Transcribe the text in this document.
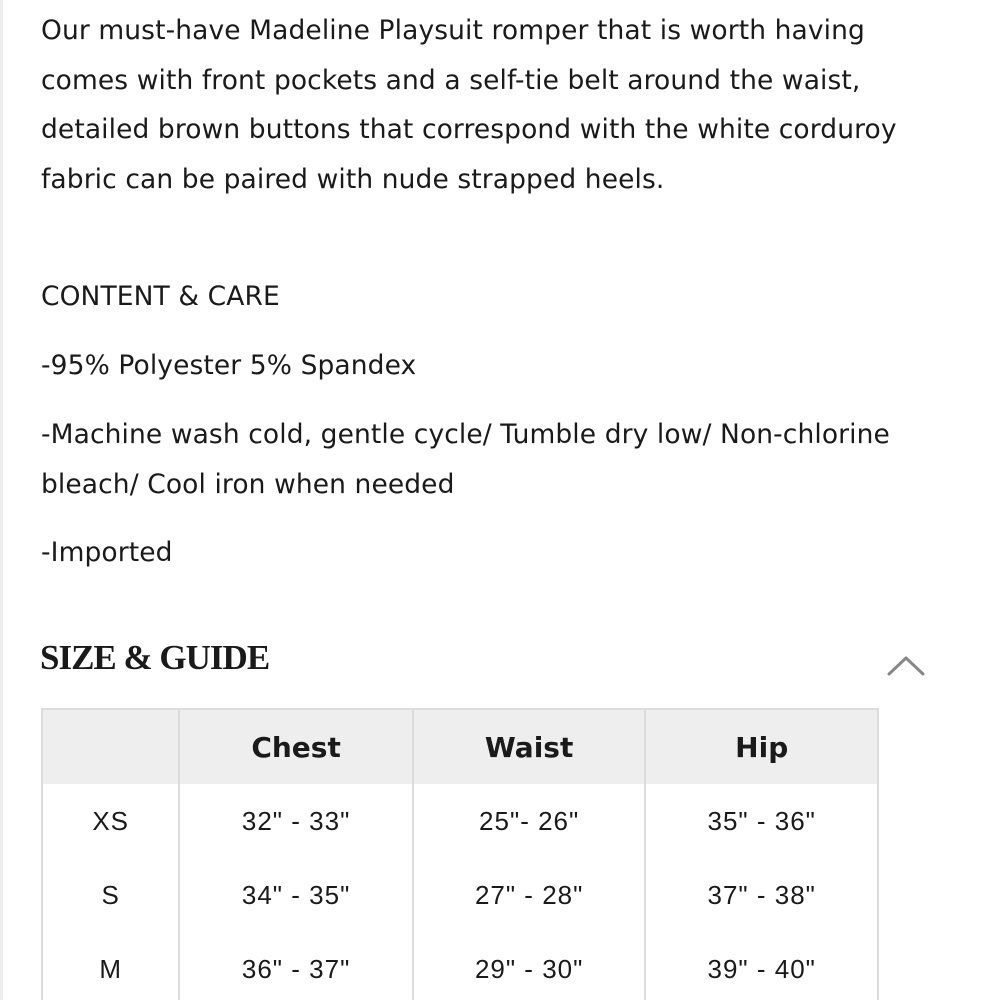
Our must-have Madeline Playsuit romper that is worth having comes with front pockets and a self-tie belt around the waist, detailed brown buttons that correspond with the white corduroy fabric can be paired with nude strapped heels.

CONTENT & CARE

-95% Polyester 5% Spandex

-Machine wash cold, gentle cycle/ Tumble dry low/ Non-chlorine bleach/ Cool iron when needed

-Imported

SIZE & GUIDE
	Chest	Waist	Hip
XS	32" - 33"	25"- 26"	35" - 36"
S	34" - 35"	27" - 28"	37" - 38"
M	36" - 37"	29" - 30"	39" - 40"
